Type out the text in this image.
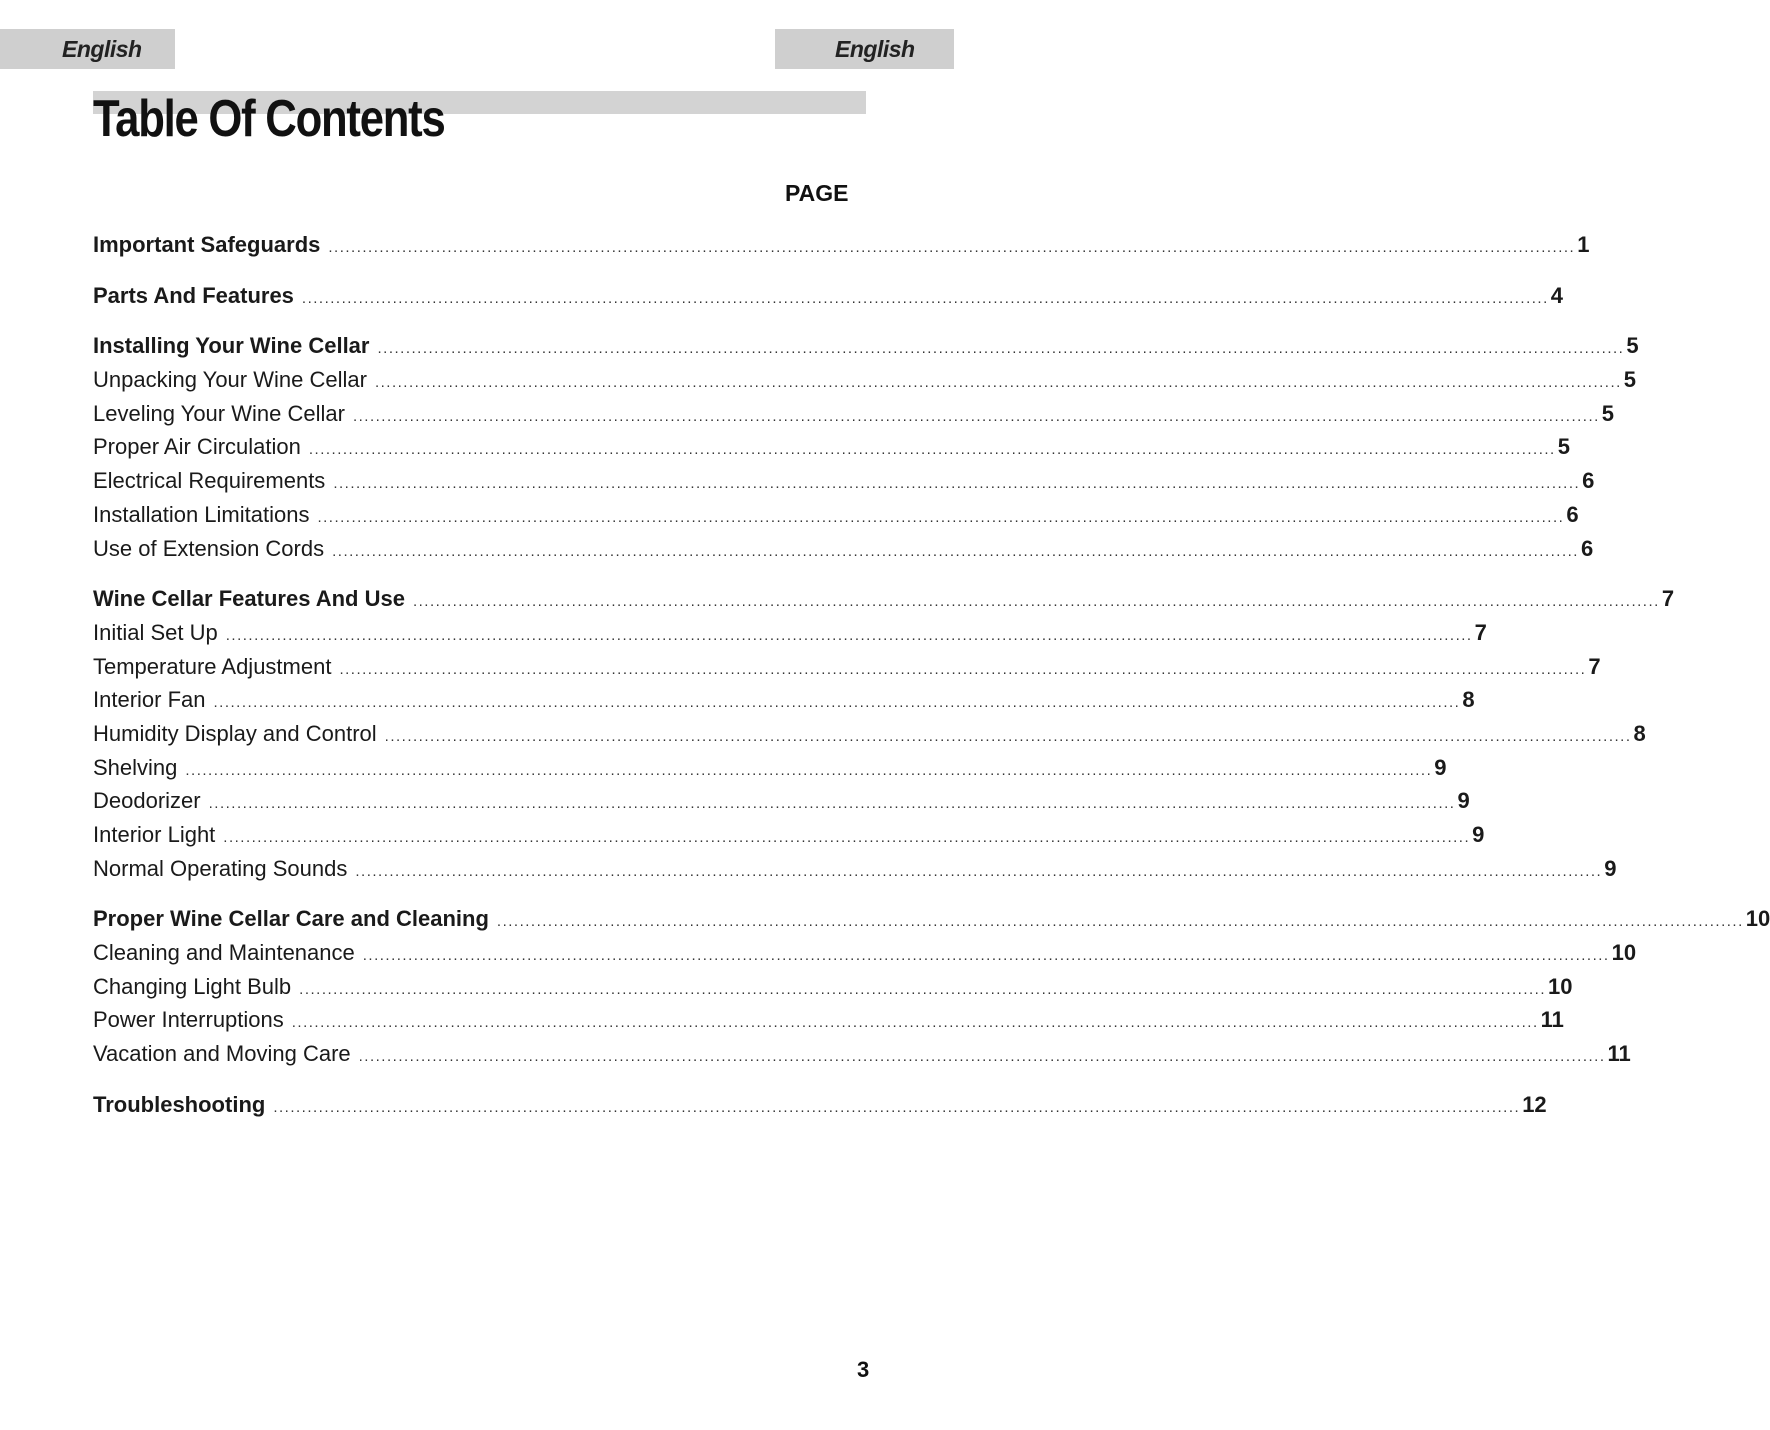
English	English
Table Of Contents
PAGE
Important Safeguards ............................................................................................................................................................................................................................ 1
Parts And Features ............................................................................................................................................................................................................................ 4
Installing Your Wine Cellar ............................................................................................................................................................................................................................ 5
Unpacking Your Wine Cellar ............................................................................................................................................................................................................................ 5
Leveling Your Wine Cellar ............................................................................................................................................................................................................................ 5
Proper Air Circulation ............................................................................................................................................................................................................................ 5
Electrical Requirements ............................................................................................................................................................................................................................ 6
Installation Limitations ............................................................................................................................................................................................................................ 6
Use of Extension Cords ............................................................................................................................................................................................................................ 6
Wine Cellar Features And Use ............................................................................................................................................................................................................................ 7
Initial Set Up ............................................................................................................................................................................................................................ 7
Temperature Adjustment ............................................................................................................................................................................................................................ 7
Interior Fan ............................................................................................................................................................................................................................ 8
Humidity Display and Control ............................................................................................................................................................................................................................ 8
Shelving ............................................................................................................................................................................................................................ 9
Deodorizer ............................................................................................................................................................................................................................ 9
Interior Light ............................................................................................................................................................................................................................ 9
Normal Operating Sounds ............................................................................................................................................................................................................................ 9
Proper Wine Cellar Care and Cleaning ............................................................................................................................................................................................................................ 10
Cleaning and Maintenance ............................................................................................................................................................................................................................ 10
Changing Light Bulb ............................................................................................................................................................................................................................ 10
Power Interruptions ............................................................................................................................................................................................................................ 11
Vacation and Moving Care ............................................................................................................................................................................................................................ 11
Troubleshooting ............................................................................................................................................................................................................................ 12
3
